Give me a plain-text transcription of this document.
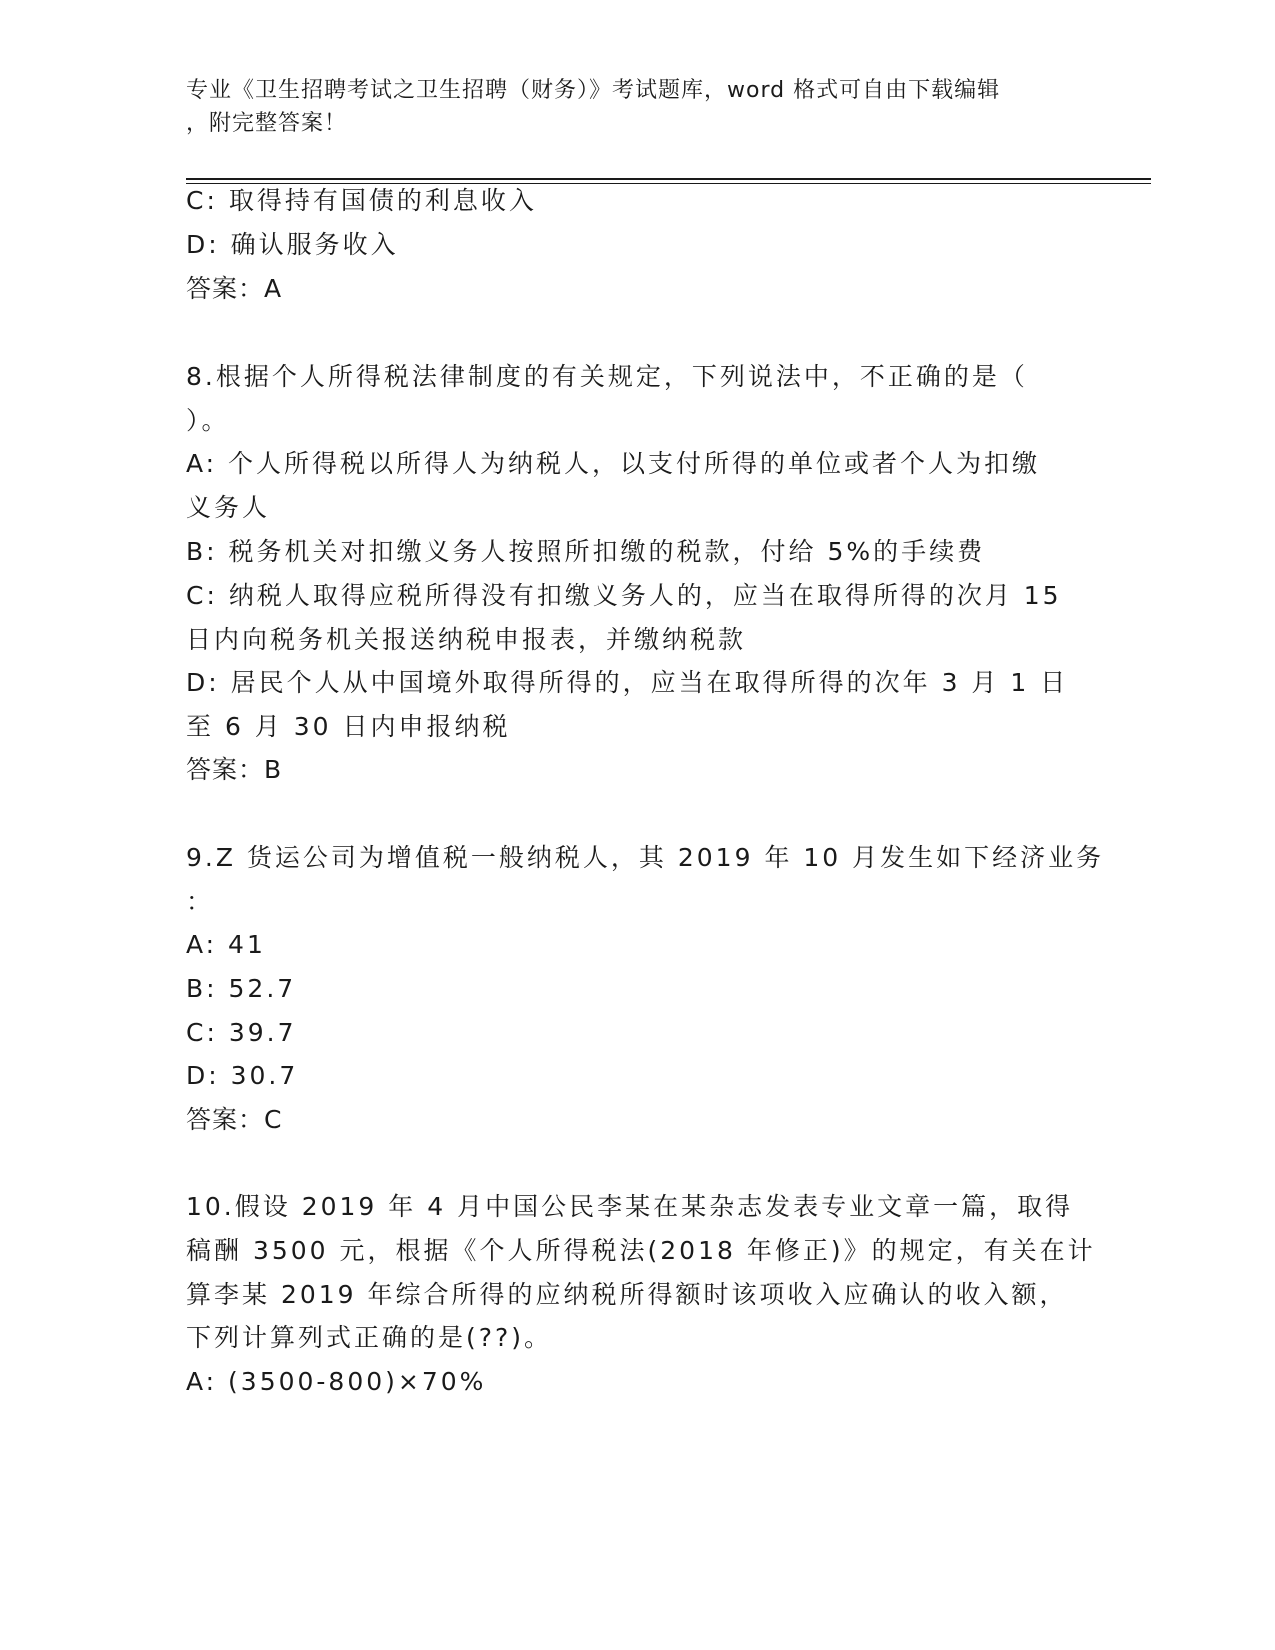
专业《卫生招聘考试之卫生招聘（财务）》考试题库，word 格式可自由下载编辑
，附完整答案！
C: 取得持有国债的利息收入
D: 确认服务收入
答案：A
8.根据个人所得税法律制度的有关规定，下列说法中，不正确的是（
）。
A: 个人所得税以所得人为纳税人，以支付所得的单位或者个人为扣缴
义务人
B: 税务机关对扣缴义务人按照所扣缴的税款，付给 5%的手续费
C: 纳税人取得应税所得没有扣缴义务人的，应当在取得所得的次月 15
日内向税务机关报送纳税申报表，并缴纳税款
D: 居民个人从中国境外取得所得的，应当在取得所得的次年 3 月 1 日
至 6 月 30 日内申报纳税
答案：B
9.Z 货运公司为增值税一般纳税人，其 2019 年 10 月发生如下经济业务
：
A: 41
B: 52.7
C: 39.7
D: 30.7
答案：C
10.假设 2019 年 4 月中国公民李某在某杂志发表专业文章一篇，取得
稿酬 3500 元，根据《个人所得税法(2018 年修正)》的规定，有关在计
算李某 2019 年综合所得的应纳税所得额时该项收入应确认的收入额，
下列计算列式正确的是(??)。
A: (3500-800)×70%
